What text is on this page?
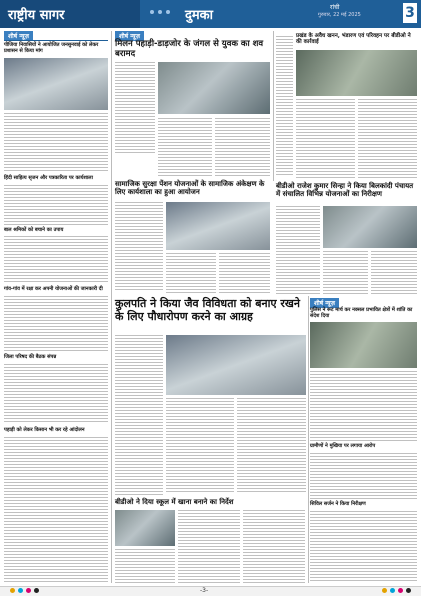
राष्ट्रीय सागर	दुमका
रांची
गुरुवार, 22 मई 2025	3
शीर्ष न्यूज़
पीजिया निवासियों ने आयोजित जनसुनवाई को लेकर प्रशासन से किया मांग
हिंदी साहित्य सृजन और पत्रकारिता पर कार्यशाला
बाल श्रमिकों को बचाने का उपाय
गांव-गांव में रक्षा कर अपनी योजनाओं की जानकारी दी
जिला परिषद की बैठक संपन्न
पहाड़ी को लेकर किसान भी कर रहे आंदोलन
शीर्ष न्यूज़
मिलन पहाड़ी-डाड़जोर के जंगल से युवक का शव बरामद
सामाजिक सुरक्षा पेंशन योजनाओं के सामाजिक अंकेक्षण के लिए कार्यशाला का हुआ आयोजन
प्रखंड के अवैध खनन, भंडारण एवं परिवहन पर बीडीओ ने की कार्रवाई
बीडीओ राजेश कुमार सिन्हा ने किया बिलकांदी पंचायत में संचालित विभिन्न योजनाओं का निरीक्षण
कुलपति ने किया जैव विविधता को बनाए रखने के लिए पौधारोपण करने का आग्रह
शीर्ष न्यूज़
पुलिस ने रूट मार्च कर नक्सल प्रभावित क्षेत्रों में शांति का संदेश दिया
ग्रामीणों ने मुखिया पर लगाया आरोप
सिविल सर्जन ने किया निरीक्षण
बीडीओ ने दिया स्कूल में खाना बनाने का निर्देश
-3-
